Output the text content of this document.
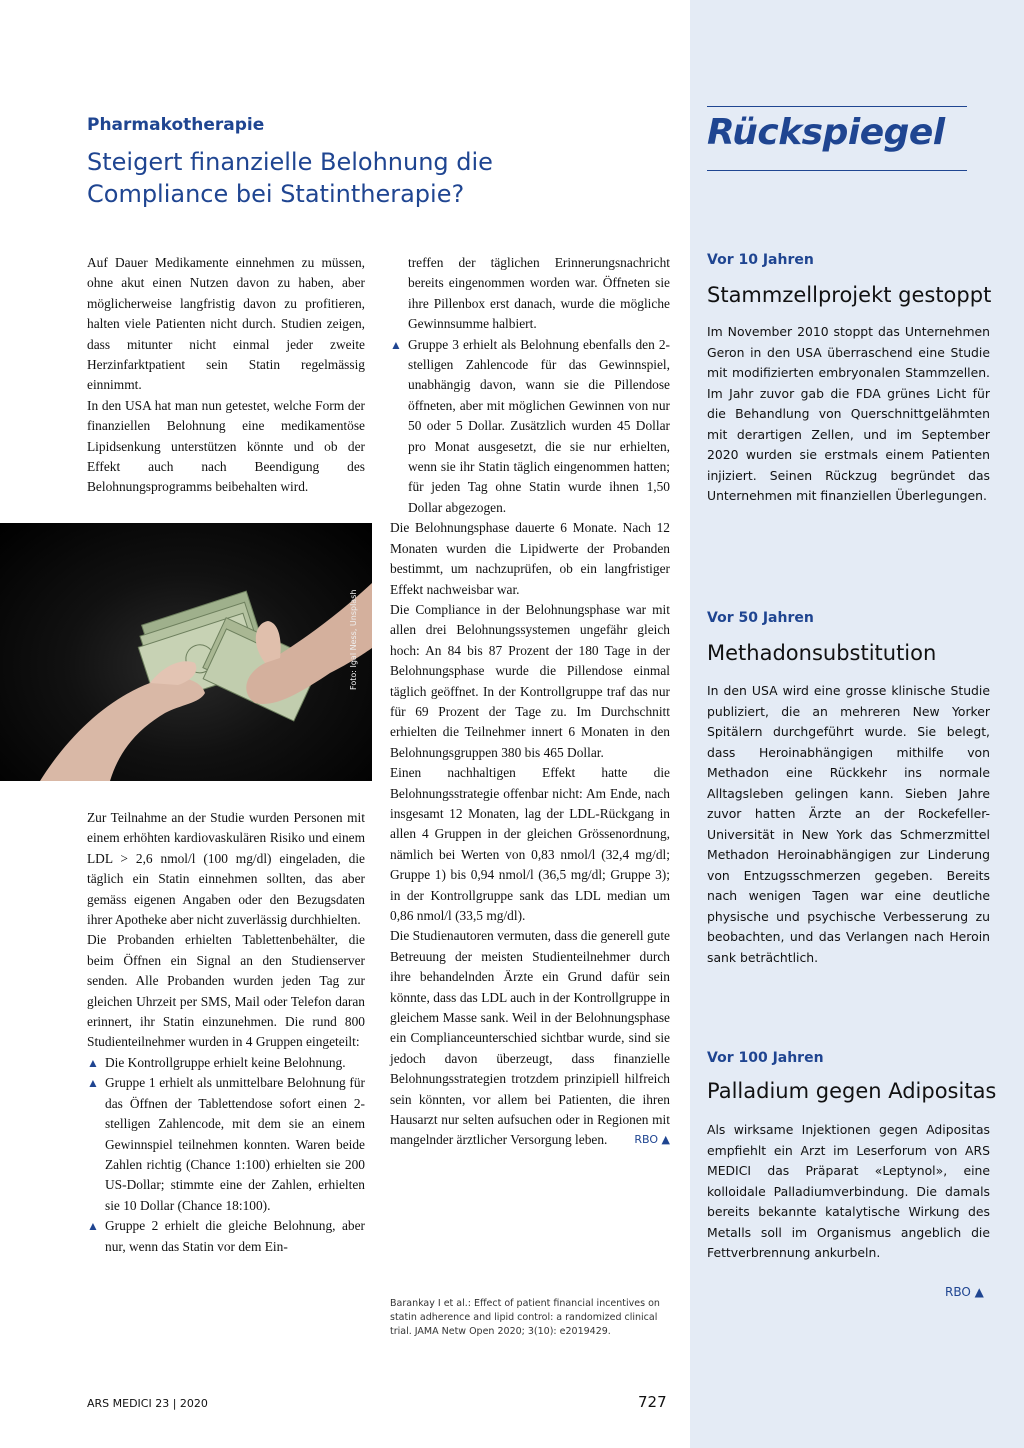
Pharmakotherapie
Steigert finanzielle Belohnung die Compliance bei Statintherapie?

Auf Dauer Medikamente einnehmen zu müssen, ohne akut einen Nutzen davon zu haben, aber möglicherweise langfristig davon zu profitieren, halten viele Patienten nicht durch. Studien zeigen, dass mitunter nicht einmal jeder zweite Herzinfarktpatient sein Statin regelmässig einnimmt.

In den USA hat man nun getestet, welche Form der finanziellen Belohnung eine medikamentöse Lipidsenkung unterstützen könnte und ob der Effekt auch nach Beendigung des Belohnungsprogramms beibehalten wird.

Foto: Igal Ness, Unsplash

Zur Teilnahme an der Studie wurden Personen mit einem erhöhten kardiovaskulären Risiko und einem LDL > 2,6 nmol/l (100 mg/dl) eingeladen, die täglich ein Statin einnehmen sollten, das aber gemäss eigenen Angaben oder den Bezugsdaten ihrer Apotheke aber nicht zuverlässig durchhielten.

Die Probanden erhielten Tablettenbehälter, die beim Öffnen ein Signal an den Studienserver senden. Alle Probanden wurden jeden Tag zur gleichen Uhrzeit per SMS, Mail oder Telefon daran erinnert, ihr Statin einzunehmen. Die rund 800 Studienteilnehmer wurden in 4 Gruppen eingeteilt:

▲ Die Kontrollgruppe erhielt keine Belohnung.

▲ Gruppe 1 erhielt als unmittelbare Belohnung für das Öffnen der Tablettendose sofort einen 2-stelligen Zahlencode, mit dem sie an einem Gewinnspiel teilnehmen konnten. Waren beide Zahlen richtig (Chance 1:100) erhielten sie 200 US-Dollar; stimmte eine der Zahlen, erhielten sie 10 Dollar (Chance 18:100).

▲ Gruppe 2 erhielt die gleiche Belohnung, aber nur, wenn das Statin vor dem Ein-

treffen der täglichen Erinnerungsnachricht bereits eingenommen worden war. Öffneten sie ihre Pillenbox erst danach, wurde die mögliche Gewinnsumme halbiert.

▲ Gruppe 3 erhielt als Belohnung ebenfalls den 2-stelligen Zahlencode für das Gewinnspiel, unabhängig davon, wann sie die Pillendose öffneten, aber mit möglichen Gewinnen von nur 50 oder 5 Dollar. Zusätzlich wurden 45 Dollar pro Monat ausgesetzt, die sie nur erhielten, wenn sie ihr Statin täglich eingenommen hatten; für jeden Tag ohne Statin wurde ihnen 1,50 Dollar abgezogen.

Die Belohnungsphase dauerte 6 Monate. Nach 12 Monaten wurden die Lipidwerte der Probanden bestimmt, um nachzuprüfen, ob ein langfristiger Effekt nachweisbar war.

Die Compliance in der Belohnungsphase war mit allen drei Belohnungssystemen ungefähr gleich hoch: An 84 bis 87 Prozent der 180 Tage in der Belohnungsphase wurde die Pillendose einmal täglich geöffnet. In der Kontrollgruppe traf das nur für 69 Prozent der Tage zu. Im Durchschnitt erhielten die Teilnehmer innert 6 Monaten in den Belohnungsgruppen 380 bis 465 Dollar.

Einen nachhaltigen Effekt hatte die Belohnungsstrategie offenbar nicht: Am Ende, nach insgesamt 12 Monaten, lag der LDL-Rückgang in allen 4 Gruppen in der gleichen Grössenordnung, nämlich bei Werten von 0,83 nmol/l (32,4 mg/dl; Gruppe 1) bis 0,94 nmol/l (36,5 mg/dl; Gruppe 3); in der Kontrollgruppe sank das LDL median um 0,86 nmol/l (33,5 mg/dl).

Die Studienautoren vermuten, dass die generell gute Betreuung der meisten Studienteilnehmer durch ihre behandelnden Ärzte ein Grund dafür sein könnte, dass das LDL auch in der Kontrollgruppe in gleichem Masse sank. Weil in der Belohnungsphase ein Complianceunterschied sichtbar wurde, sind sie jedoch davon überzeugt, dass finanzielle Belohnungsstrategien trotzdem prinzipiell hilfreich sein könnten, vor allem bei Patienten, die ihren Hausarzt nur selten aufsuchen oder in Regionen mit mangelnder ärztlicher Versorgung leben. RBO ▲

Barankay I et al.: Effect of patient financial incentives on statin adherence and lipid control: a randomized clinical trial. JAMA Netw Open 2020; 3(10): e2019429.
ARS MEDICI 23 | 2020	727
Rückspiegel
Vor 10 Jahren
Stammzellprojekt gestoppt
Im November 2010 stoppt das Unternehmen Geron in den USA überraschend eine Studie mit modifizierten embryonalen Stammzellen. Im Jahr zuvor gab die FDA grünes Licht für die Behandlung von Querschnittgelähmten mit derartigen Zellen, und im September 2020 wurden sie erstmals einem Patienten injiziert. Seinen Rückzug begründet das Unternehmen mit finanziellen Überlegungen.
Vor 50 Jahren
Methadonsubstitution
In den USA wird eine grosse klinische Studie publiziert, die an mehreren New Yorker Spitälern durchgeführt wurde. Sie belegt, dass Heroinabhängigen mithilfe von Methadon eine Rückkehr ins normale Alltagsleben gelingen kann. Sieben Jahre zuvor hatten Ärzte an der Rockefeller-Universität in New York das Schmerzmittel Methadon Heroinabhängigen zur Linderung von Entzugsschmerzen gegeben. Bereits nach wenigen Tagen war eine deutliche physische und psychische Verbesserung zu beobachten, und das Verlangen nach Heroin sank beträchtlich.
Vor 100 Jahren
Palladium gegen Adipositas
Als wirksame Injektionen gegen Adipositas empfiehlt ein Arzt im Leserforum von ARS MEDICI das Präparat «Leptynol», eine kolloidale Palladiumverbindung. Die damals bereits bekannte katalytische Wirkung des Metalls soll im Organismus angeblich die Fettverbrennung ankurbeln.
RBO ▲
